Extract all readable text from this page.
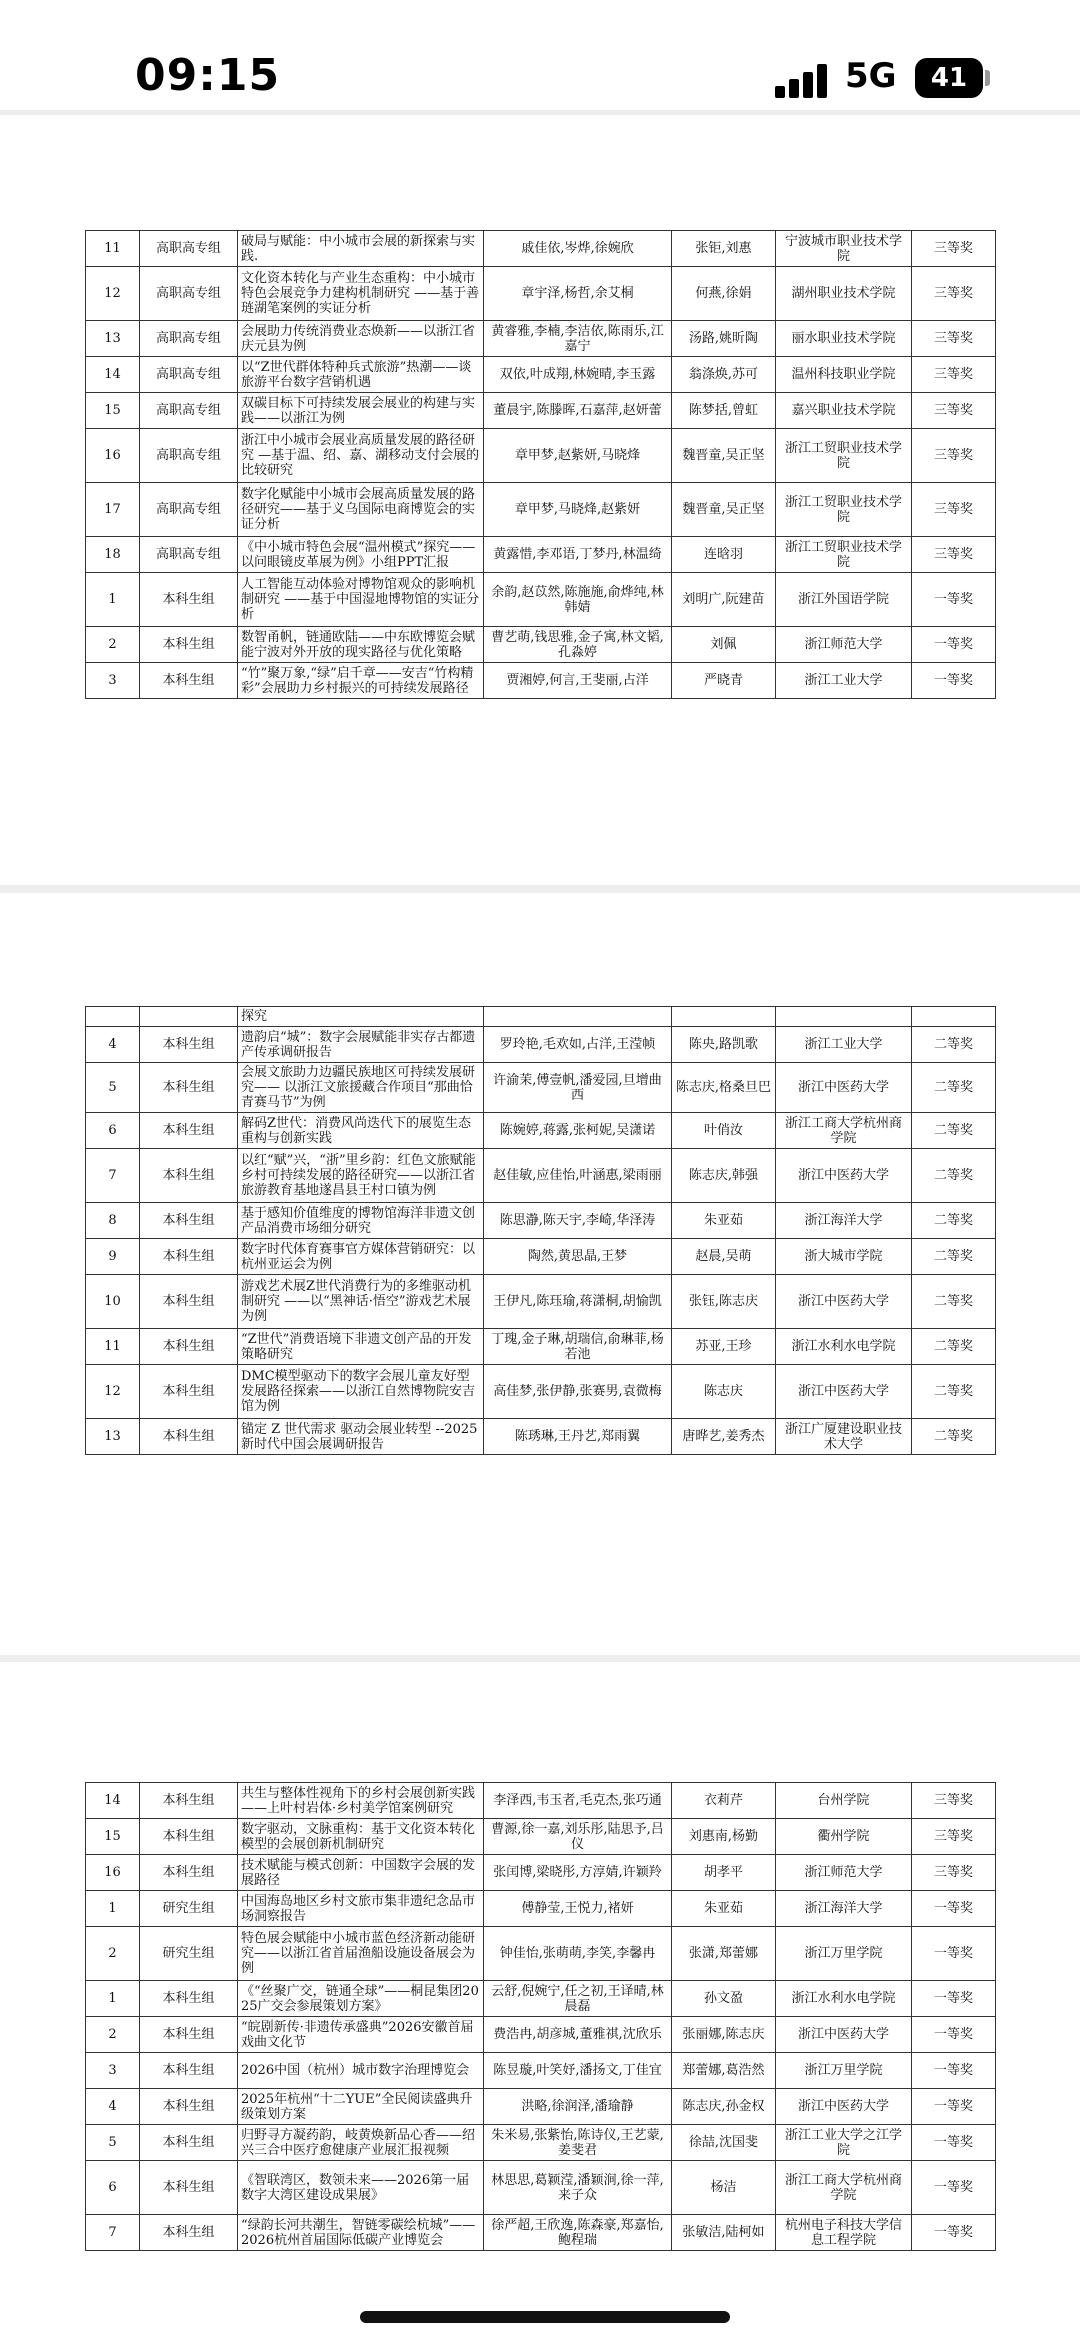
09:15	5G	41
11	高职高专组	破局与赋能：中小城市会展的新探索与实践.	戚佳依,岑烨,徐婉欣	张钜,刘惠	宁波城市职业技术学院	三等奖
12	高职高专组	文化资本转化与产业生态重构：中小城市特色会展竞争力建构机制研究 ——基于善琏湖笔案例的实证分析	章宇泽,杨哲,余艾桐	何燕,徐娟	湖州职业技术学院	三等奖
13	高职高专组	会展助力传统消费业态焕新——以浙江省庆元县为例	黄睿雅,李楠,李洁依,陈雨乐,江嘉宁	汤路,姚昕陶	丽水职业技术学院	三等奖
14	高职高专组	以“Z世代群体特种兵式旅游”热潮——谈旅游平台数字营销机遇	双依,叶成翔,林婉晴,李玉露	翁涤焕,苏可	温州科技职业学院	三等奖
15	高职高专组	双碳目标下可持续发展会展业的构建与实践——以浙江为例	董晨宇,陈滕晖,石嘉萍,赵妍蕾	陈梦括,曾虹	嘉兴职业技术学院	三等奖
16	高职高专组	浙江中小城市会展业高质量发展的路径研究 —基于温、绍、嘉、湖移动支付会展的比较研究	章甲梦,赵紫妍,马晓烽	魏晋童,吴正坚	浙江工贸职业技术学院	三等奖
17	高职高专组	数字化赋能中小城市会展高质量发展的路径研究——基于义乌国际电商博览会的实证分析	章甲梦,马晓烽,赵紫妍	魏晋童,吴正坚	浙江工贸职业技术学院	三等奖
18	高职高专组	《中小城市特色会展“温州模式”探究——以问眼镜皮革展为例》小组PPT汇报	黄露惜,李邓语,丁梦丹,林温绮	连晗羽	浙江工贸职业技术学院	三等奖
1	本科生组	人工智能互动体验对博物馆观众的影响机制研究 ——基于中国湿地博物馆的实证分析	余韵,赵苡然,陈施施,俞烨纯,林韩婧	刘明广,阮建苗	浙江外国语学院	一等奖
2	本科生组	数智甬帆，链通欧陆——中东欧博览会赋能宁波对外开放的现实路径与优化策略	曹艺萌,钱思雅,金子寓,林文韬,孔淼婷	刘佩	浙江师范大学	一等奖
3	本科生组	“竹”聚万象,“绿”启千章——安吉“竹构精彩”会展助力乡村振兴的可持续发展路径	贾湘婷,何言,王斐丽,占洋	严晓青	浙江工业大学	一等奖
		探究				
4	本科生组	遗韵启“城”：数字会展赋能非实存古都遗产传承调研报告	罗玲艳,毛欢如,占洋,王滢帧	陈央,路凯歌	浙江工业大学	二等奖
5	本科生组	会展文旅助力边疆民族地区可持续发展研究—— 以浙江文旅援藏合作项目“那曲恰青赛马节”为例	许渝茉,傅壹帆,潘爱园,旦增曲西	陈志庆,格桑旦巴	浙江中医药大学	二等奖
6	本科生组	解码Z世代：消费风尚迭代下的展览生态重构与创新实践	陈婉婷,蒋露,张柯妮,吴潇诺	叶俏汝	浙江工商大学杭州商学院	二等奖
7	本科生组	以红“赋”兴，“浙”里乡韵：红色文旅赋能乡村可持续发展的路径研究——以浙江省旅游教育基地遂昌县王村口镇为例	赵佳敏,应佳怡,叶涵惠,梁雨丽	陈志庆,韩强	浙江中医药大学	二等奖
8	本科生组	基于感知价值维度的博物馆海洋非遗文创产品消费市场细分研究	陈思瀞,陈天宇,李崎,华泽涛	朱亚茹	浙江海洋大学	二等奖
9	本科生组	数字时代体育赛事官方媒体营销研究：以杭州亚运会为例	陶然,黄思晶,王梦	赵晨,吴萌	浙大城市学院	二等奖
10	本科生组	游戏艺术展Z世代消费行为的多维驱动机制研究 ——以“黑神话·悟空”游戏艺术展为例	王伊凡,陈珏瑜,蒋潇桐,胡愉凯	张钰,陈志庆	浙江中医药大学	二等奖
11	本科生组	“Z世代”消费语境下非遗文创产品的开发策略研究	丁瑰,金子琳,胡瑞信,俞琳菲,杨若池	苏亚,王珍	浙江水利水电学院	二等奖
12	本科生组	DMC模型驱动下的数字会展儿童友好型发展路径探索——以浙江自然博物院安吉馆为例	高佳梦,张伊静,张赛男,袁微梅	陈志庆	浙江中医药大学	二等奖
13	本科生组	锚定 Z 世代需求 驱动会展业转型 --2025 新时代中国会展调研报告	陈琇琳,王丹艺,郑雨翼	唐晔艺,姜秀杰	浙江广厦建设职业技术大学	二等奖
14	本科生组	共生与整体性视角下的乡村会展创新实践——上叶村岩体·乡村美学馆案例研究	李泽西,韦玉者,毛克杰,张巧通	衣莉芹	台州学院	三等奖
15	本科生组	数字驱动，文脉重构：基于文化资本转化模型的会展创新机制研究	曹源,徐一嘉,刘乐彤,陆思予,吕仪	刘惠南,杨勤	衢州学院	三等奖
16	本科生组	技术赋能与模式创新：中国数字会展的发展路径	张闰博,梁晓彤,方淳婧,许颖羚	胡孝平	浙江师范大学	三等奖
1	研究生组	中国海岛地区乡村文旅市集非遗纪念品市场洞察报告	傅静莹,王悦力,褚妍	朱亚茹	浙江海洋大学	一等奖
2	研究生组	特色展会赋能中小城市蓝色经济新动能研究——以浙江省首届渔船设施设备展会为例	钟佳怡,张萌萌,李笑,李馨冉	张潇,郑蕾娜	浙江万里学院	一等奖
1	本科生组	《“丝聚广交，链通全球”——桐昆集团2025广交会参展策划方案》	云舒,倪婉宁,任之初,王译晴,林晨磊	孙文盈	浙江水利水电学院	一等奖
2	本科生组	“皖剧新传·非遗传承盛典”2026安徽首届戏曲文化节	费浩冉,胡彦城,董雅祺,沈欣乐	张丽娜,陈志庆	浙江中医药大学	一等奖
3	本科生组	2026中国（杭州）城市数字治理博览会	陈昱璇,叶笑妤,潘扬文,丁佳宜	郑蕾娜,葛浩然	浙江万里学院	一等奖
4	本科生组	2025年杭州“十二YUE”全民阅读盛典升级策划方案	洪略,徐润泽,潘瑜静	陈志庆,孙金权	浙江中医药大学	一等奖
5	本科生组	归野寻方凝药韵，岐黄焕新品心香——绍兴三合中医疗愈健康产业展汇报视频	朱米易,张紫怡,陈诗仪,王艺蒙,姜斐君	徐喆,沈国斐	浙江工业大学之江学院	一等奖
6	本科生组	《智联湾区，数领未来——2026第一届数字大湾区建设成果展》	林思思,葛颖滢,潘颖涧,徐一萍,来子众	杨洁	浙江工商大学杭州商学院	一等奖
7	本科生组	“绿韵长河共潮生，智链零碳绘杭城”——2026杭州首届国际低碳产业博览会	徐严超,王欣逸,陈森豪,郑嘉怡,鲍程瑞	张敏洁,陆柯如	杭州电子科技大学信息工程学院	一等奖
